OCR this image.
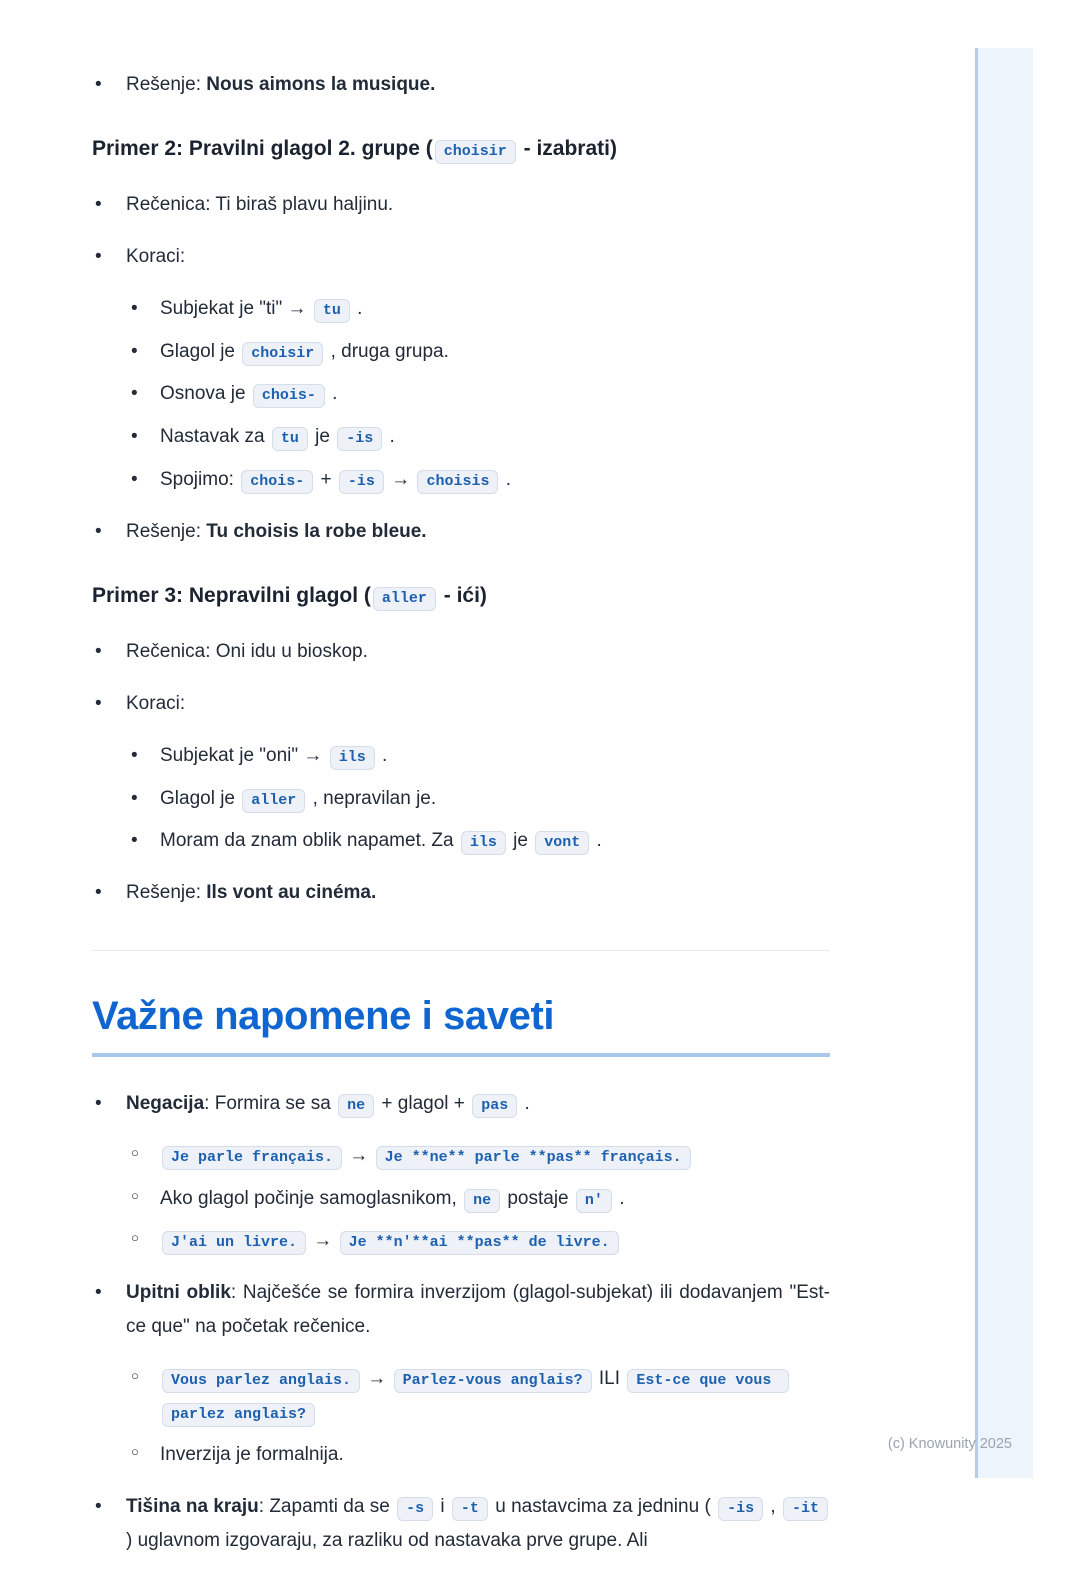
•	Rešenje: Nous aimons la musique.
Primer 2: Pravilni glagol 2. grupe ( choisir - izabrati)
•	Rečenica: Ti biraš plavu haljinu.
•	Koraci:
•	Subjekat je "ti" → tu .
•	Glagol je choisir , druga grupa.
•	Osnova je chois- .
•	Nastavak za tu je -is .
•	Spojimo: chois- + -is → choisis .
•	Rešenje: Tu choisis la robe bleue.
Primer 3: Nepravilni glagol ( aller - ići)
•	Rečenica: Oni idu u bioskop.
•	Koraci:
•	Subjekat je "oni" → ils .
•	Glagol je aller , nepravilan je.
•	Moram da znam oblik napamet. Za ils je vont .
•	Rešenje: Ils vont au cinéma.
Važne napomene i saveti
•	Negacija: Formira se sa ne + glagol + pas .
○	Je parle français. → Je **ne** parle **pas** français.
○	Ako glagol počinje samoglasnikom, ne postaje n' .
○	J'ai un livre. → Je **n'**ai **pas** de livre.
•	Upitni oblik: Najčešće se formira inverzijom (glagol-subjekat) ili dodavanjem "Est-ce que" na početak rečenice.
○	Vous parlez anglais. → Parlez-vous anglais? ILI Est-ce que vous parlez anglais?
○	Inverzija je formalnija.
•	Tišina na kraju: Zapamti da se -s i -t u nastavcima za jedninu ( -is , -it ) uglavnom izgovaraju, za razliku od nastavaka prve grupe. Ali
(c) Knowunity 2025
